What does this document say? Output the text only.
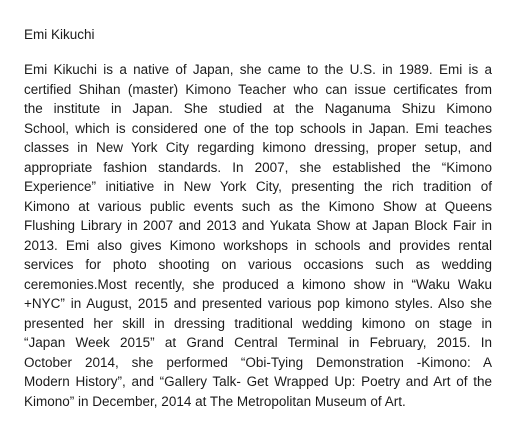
Emi Kikuchi

Emi Kikuchi is a native of Japan, she came to the U.S. in 1989. Emi is a
certified Shihan (master) Kimono Teacher who can issue certificates from
the institute in Japan. She studied at the Naganuma Shizu Kimono
School, which is considered one of the top schools in Japan. Emi teaches
classes in New York City regarding kimono dressing, proper setup, and
appropriate fashion standards. In 2007, she established the “Kimono
Experience” initiative in New York City, presenting the rich tradition of
Kimono at various public events such as the Kimono Show at Queens
Flushing Library in 2007 and 2013 and Yukata Show at Japan Block Fair in
2013. Emi also gives Kimono workshops in schools and provides rental
services for photo shooting on various occasions such as wedding
ceremonies.Most recently, she produced a kimono show in “Waku Waku
+NYC” in August, 2015 and presented various pop kimono styles. Also she
presented her skill in dressing traditional wedding kimono on stage in
“Japan Week 2015” at Grand Central Terminal in February, 2015. In
October 2014, she performed “Obi-Tying Demonstration -Kimono: A
Modern History”, and “Gallery Talk- Get Wrapped Up: Poetry and Art of the
Kimono” in December, 2014 at The Metropolitan Museum of Art.
